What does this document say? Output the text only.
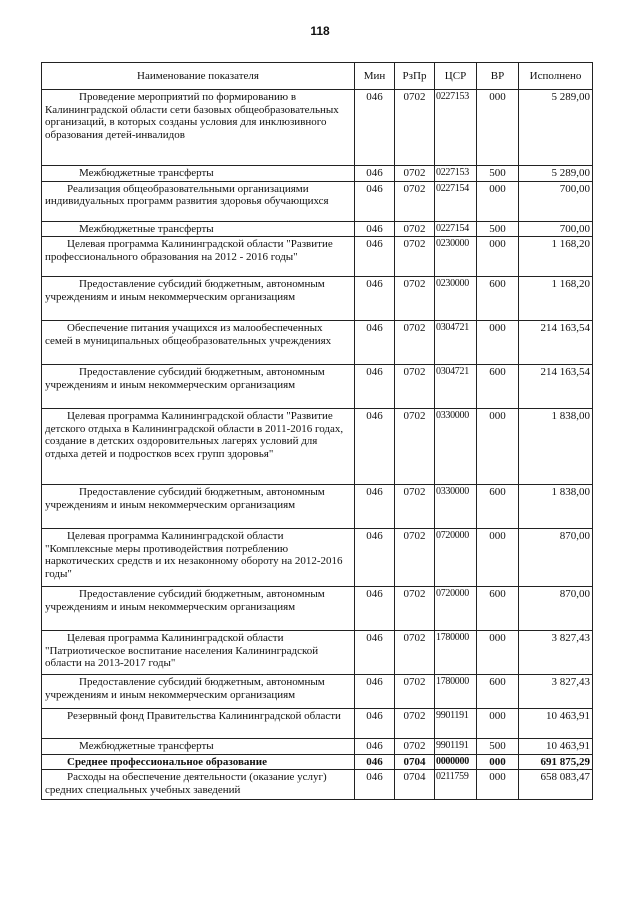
118
Наименование показателя	Мин	РзПр	ЦСР	ВР	Исполнено

Проведение мероприятий по формированию в Калининградской области сети базовых общеобразовательных организаций, в которых созданы условия для инклюзивного образования детей-инвалидов	046	0702	0227153	000	5 289,00

Межбюджетные трансферты	046	0702	0227153	500	5 289,00

Реализация общеобразовательными организациями индивидуальных программ развития здоровья обучающихся	046	0702	0227154	000	700,00

Межбюджетные трансферты	046	0702	0227154	500	700,00

Целевая программа Калининградской области "Развитие профессионального образования на 2012 - 2016 годы"	046	0702	0230000	000	1 168,20

Предоставление субсидий бюджетным, автономным учреждениям и иным некоммерческим организациям	046	0702	0230000	600	1 168,20

Обеспечение питания учащихся из малообеспеченных семей в муниципальных общеобразовательных учреждениях	046	0702	0304721	000	214 163,54

Предоставление субсидий бюджетным, автономным учреждениям и иным некоммерческим организациям	046	0702	0304721	600	214 163,54

Целевая программа Калининградской области "Развитие детского отдыха в Калининградской области в 2011-2016 годах, создание в детских оздоровительных лагерях условий для отдыха детей и подростков всех групп здоровья"	046	0702	0330000	000	1 838,00

Предоставление субсидий бюджетным, автономным учреждениям и иным некоммерческим организациям	046	0702	0330000	600	1 838,00

Целевая программа Калининградской области "Комплексные меры противодействия потреблению наркотических средств и их незаконному обороту на 2012-2016 годы"	046	0702	0720000	000	870,00

Предоставление субсидий бюджетным, автономным учреждениям и иным некоммерческим организациям	046	0702	0720000	600	870,00

Целевая программа Калининградской области "Патриотическое воспитание населения Калининградской области на 2013-2017 годы"	046	0702	1780000	000	3 827,43

Предоставление субсидий бюджетным, автономным учреждениям и иным некоммерческим организациям	046	0702	1780000	600	3 827,43

Резервный фонд Правительства Калининградской области	046	0702	9901191	000	10 463,91

Межбюджетные трансферты	046	0702	9901191	500	10 463,91

Среднее профессиональное образование	046	0704	0000000	000	691 875,29

Расходы на обеспечение деятельности (оказание услуг) средних специальных учебных заведений	046	0704	0211759	000	658 083,47
